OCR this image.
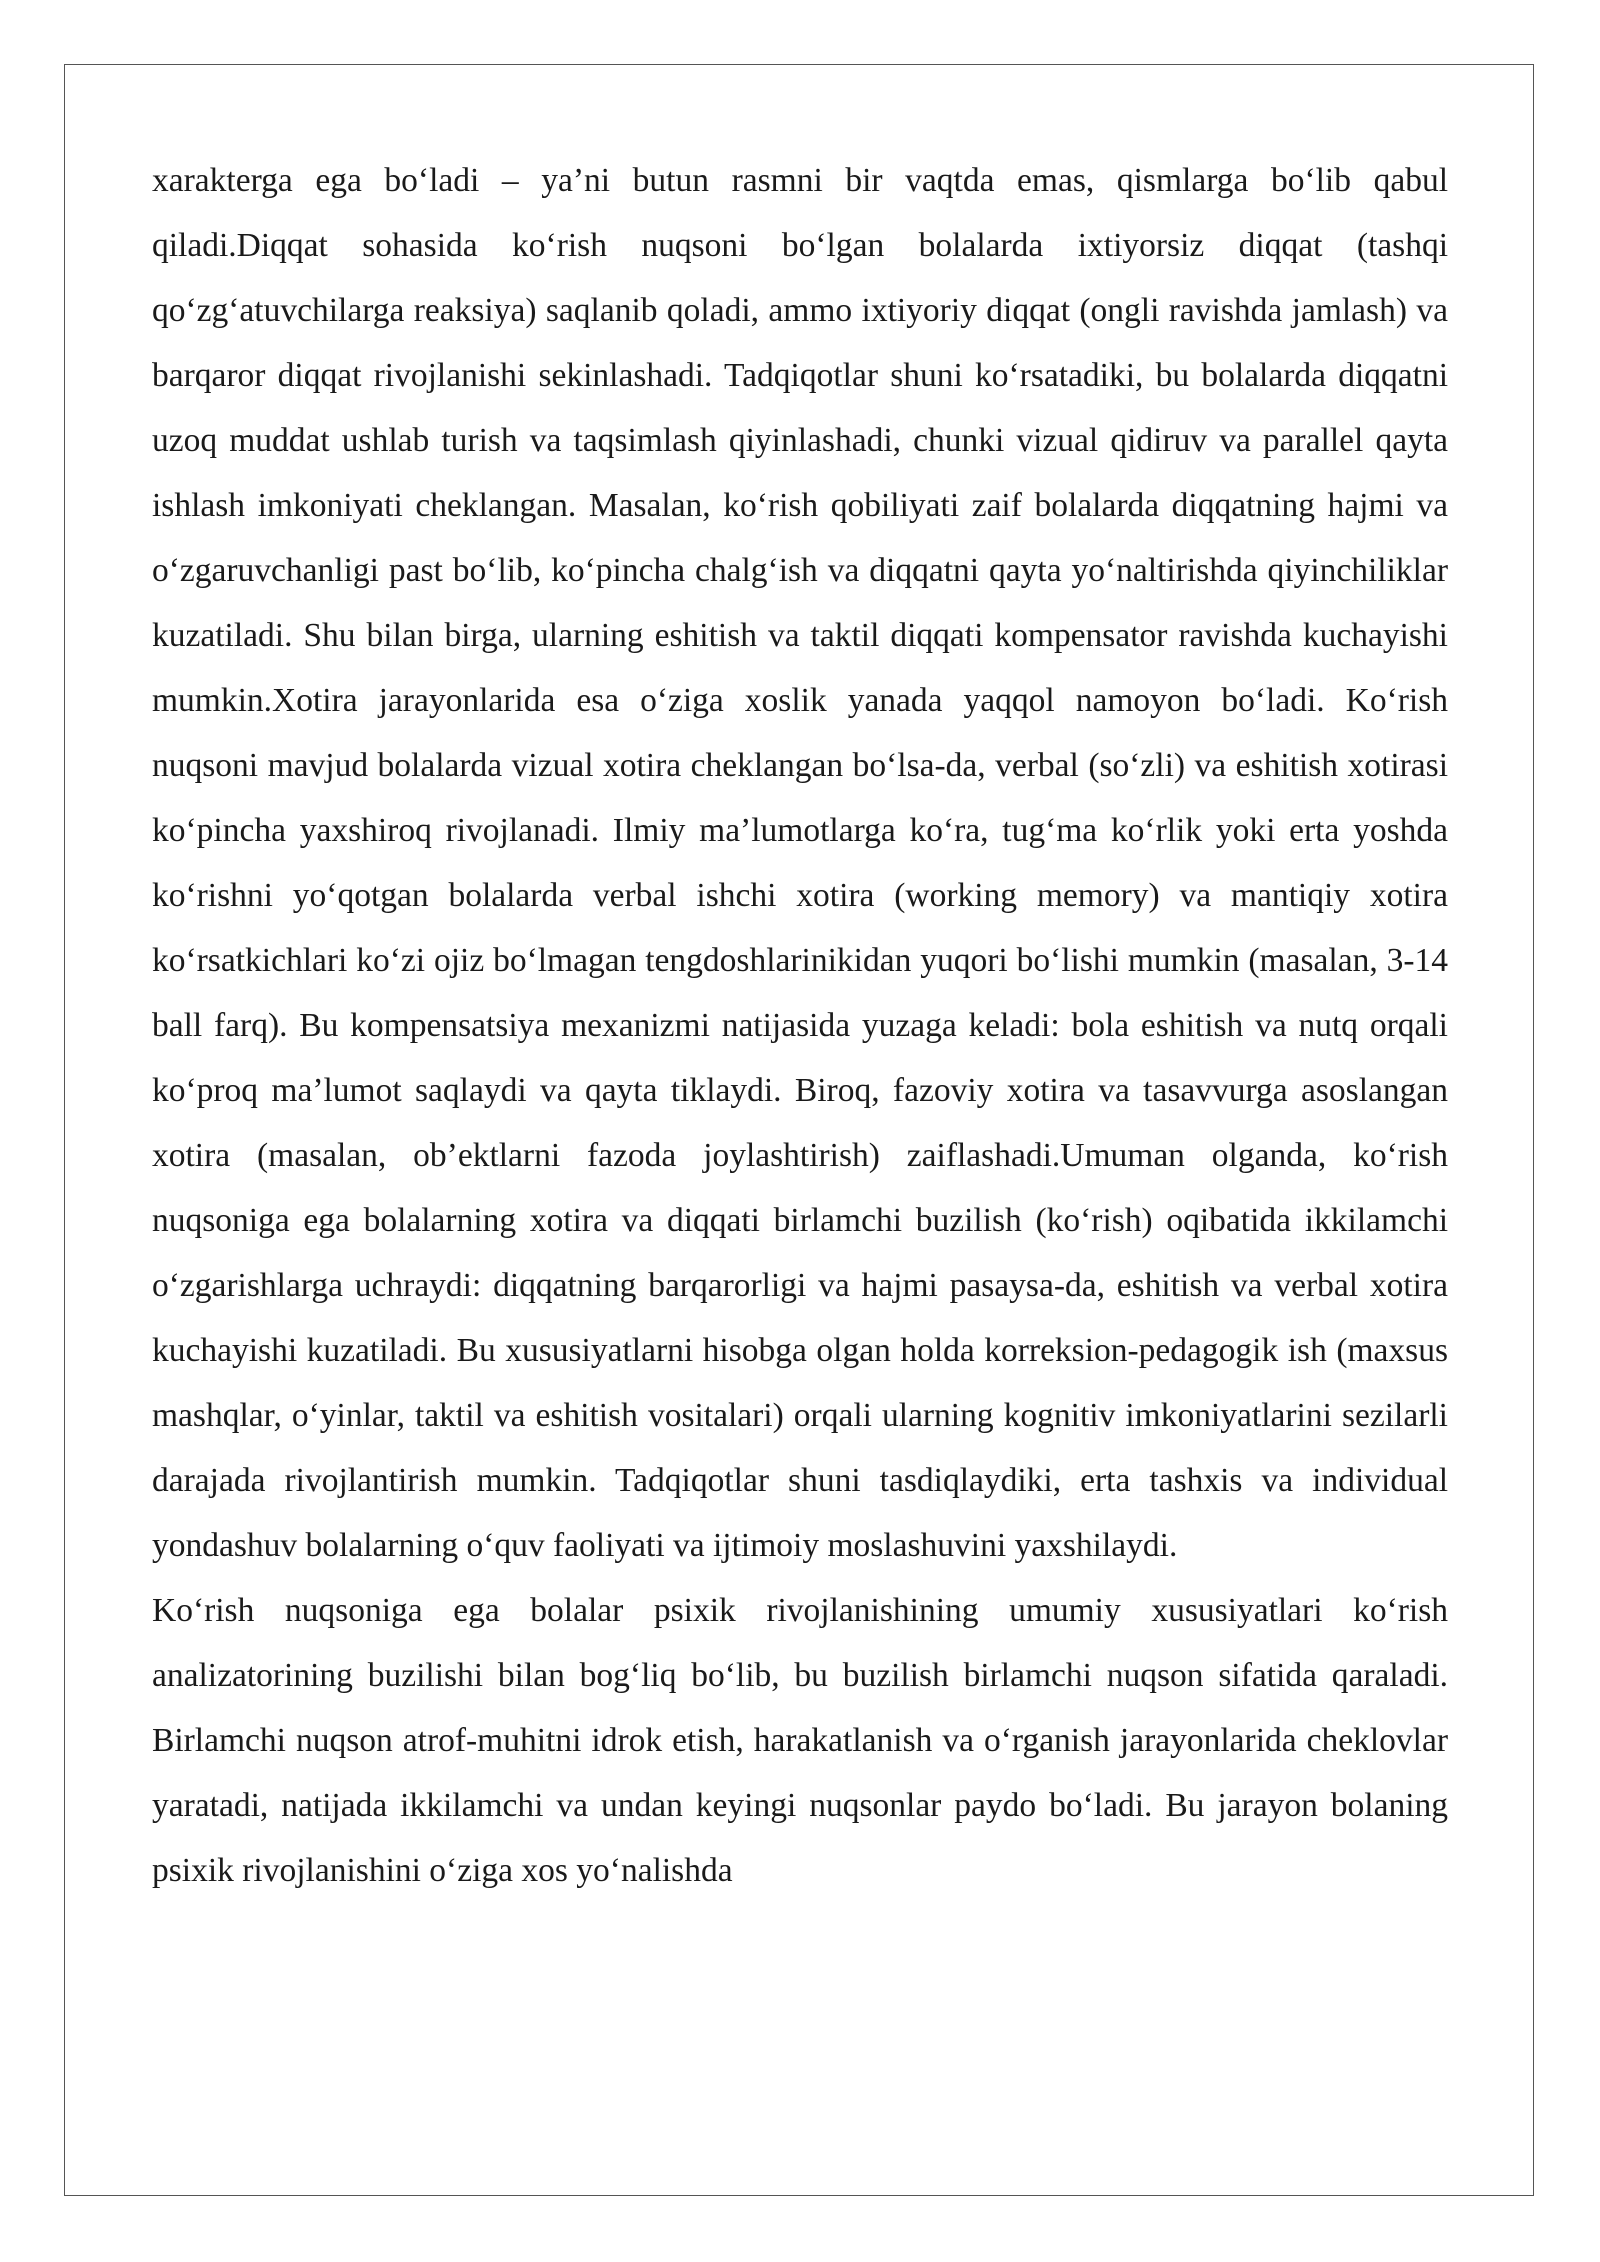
xarakterga ega bo‘ladi – ya’ni butun rasmni bir vaqtda emas, qismlarga bo‘lib qabul qiladi.Diqqat sohasida ko‘rish nuqsoni bo‘lgan bolalarda ixtiyorsiz diqqat (tashqi qo‘zg‘atuvchilarga reaksiya) saqlanib qoladi, ammo ixtiyoriy diqqat (ongli ravishda jamlash) va barqaror diqqat rivojlanishi sekinlashadi. Tadqiqotlar shuni ko‘rsatadiki, bu bolalarda diqqatni uzoq muddat ushlab turish va taqsimlash qiyinlashadi, chunki vizual qidiruv va parallel qayta ishlash imkoniyati cheklangan. Masalan, ko‘rish qobiliyati zaif bolalarda diqqatning hajmi va o‘zgaruvchanligi past bo‘lib, ko‘pincha chalg‘ish va diqqatni qayta yo‘naltirishda qiyinchiliklar kuzatiladi. Shu bilan birga, ularning eshitish va taktil diqqati kompensator ravishda kuchayishi mumkin.Xotira jarayonlarida esa o‘ziga xoslik yanada yaqqol namoyon bo‘ladi. Ko‘rish nuqsoni mavjud bolalarda vizual xotira cheklangan bo‘lsa-da, verbal (so‘zli) va eshitish xotirasi ko‘pincha yaxshiroq rivojlanadi. Ilmiy ma’lumotlarga ko‘ra, tug‘ma ko‘rlik yoki erta yoshda ko‘rishni yo‘qotgan bolalarda verbal ishchi xotira (working memory) va mantiqiy xotira ko‘rsatkichlari ko‘zi ojiz bo‘lmagan tengdoshlarinikidan yuqori bo‘lishi mumkin (masalan, 3-14 ball farq). Bu kompensatsiya mexanizmi natijasida yuzaga keladi: bola eshitish va nutq orqali ko‘proq ma’lumot saqlaydi va qayta tiklaydi. Biroq, fazoviy xotira va tasavvurga asoslangan xotira (masalan, ob’ektlarni fazoda joylashtirish) zaiflashadi.Umuman olganda, ko‘rish nuqsoniga ega bolalarning xotira va diqqati birlamchi buzilish (ko‘rish) oqibatida ikkilamchi o‘zgarishlarga uchraydi: diqqatning barqarorligi va hajmi pasaysa-da, eshitish va verbal xotira kuchayishi kuzatiladi. Bu xususiyatlarni hisobga olgan holda korreksion-pedagogik ish (maxsus mashqlar, o‘yinlar, taktil va eshitish vositalari) orqali ularning kognitiv imkoniyatlarini sezilarli darajada rivojlantirish mumkin. Tadqiqotlar shuni tasdiqlaydiki, erta tashxis va individual yondashuv bolalarning o‘quv faoliyati va ijtimoiy moslashuvini yaxshilaydi.

Ko‘rish nuqsoniga ega bolalar psixik rivojlanishining umumiy xususiyatlari ko‘rish analizatorining buzilishi bilan bog‘liq bo‘lib, bu buzilish birlamchi nuqson sifatida qaraladi. Birlamchi nuqson atrof-muhitni idrok etish, harakatlanish va o‘rganish jarayonlarida cheklovlar yaratadi, natijada ikkilamchi va undan keyingi nuqsonlar paydo bo‘ladi. Bu jarayon bolaning psixik rivojlanishini o‘ziga xos yo‘nalishda
